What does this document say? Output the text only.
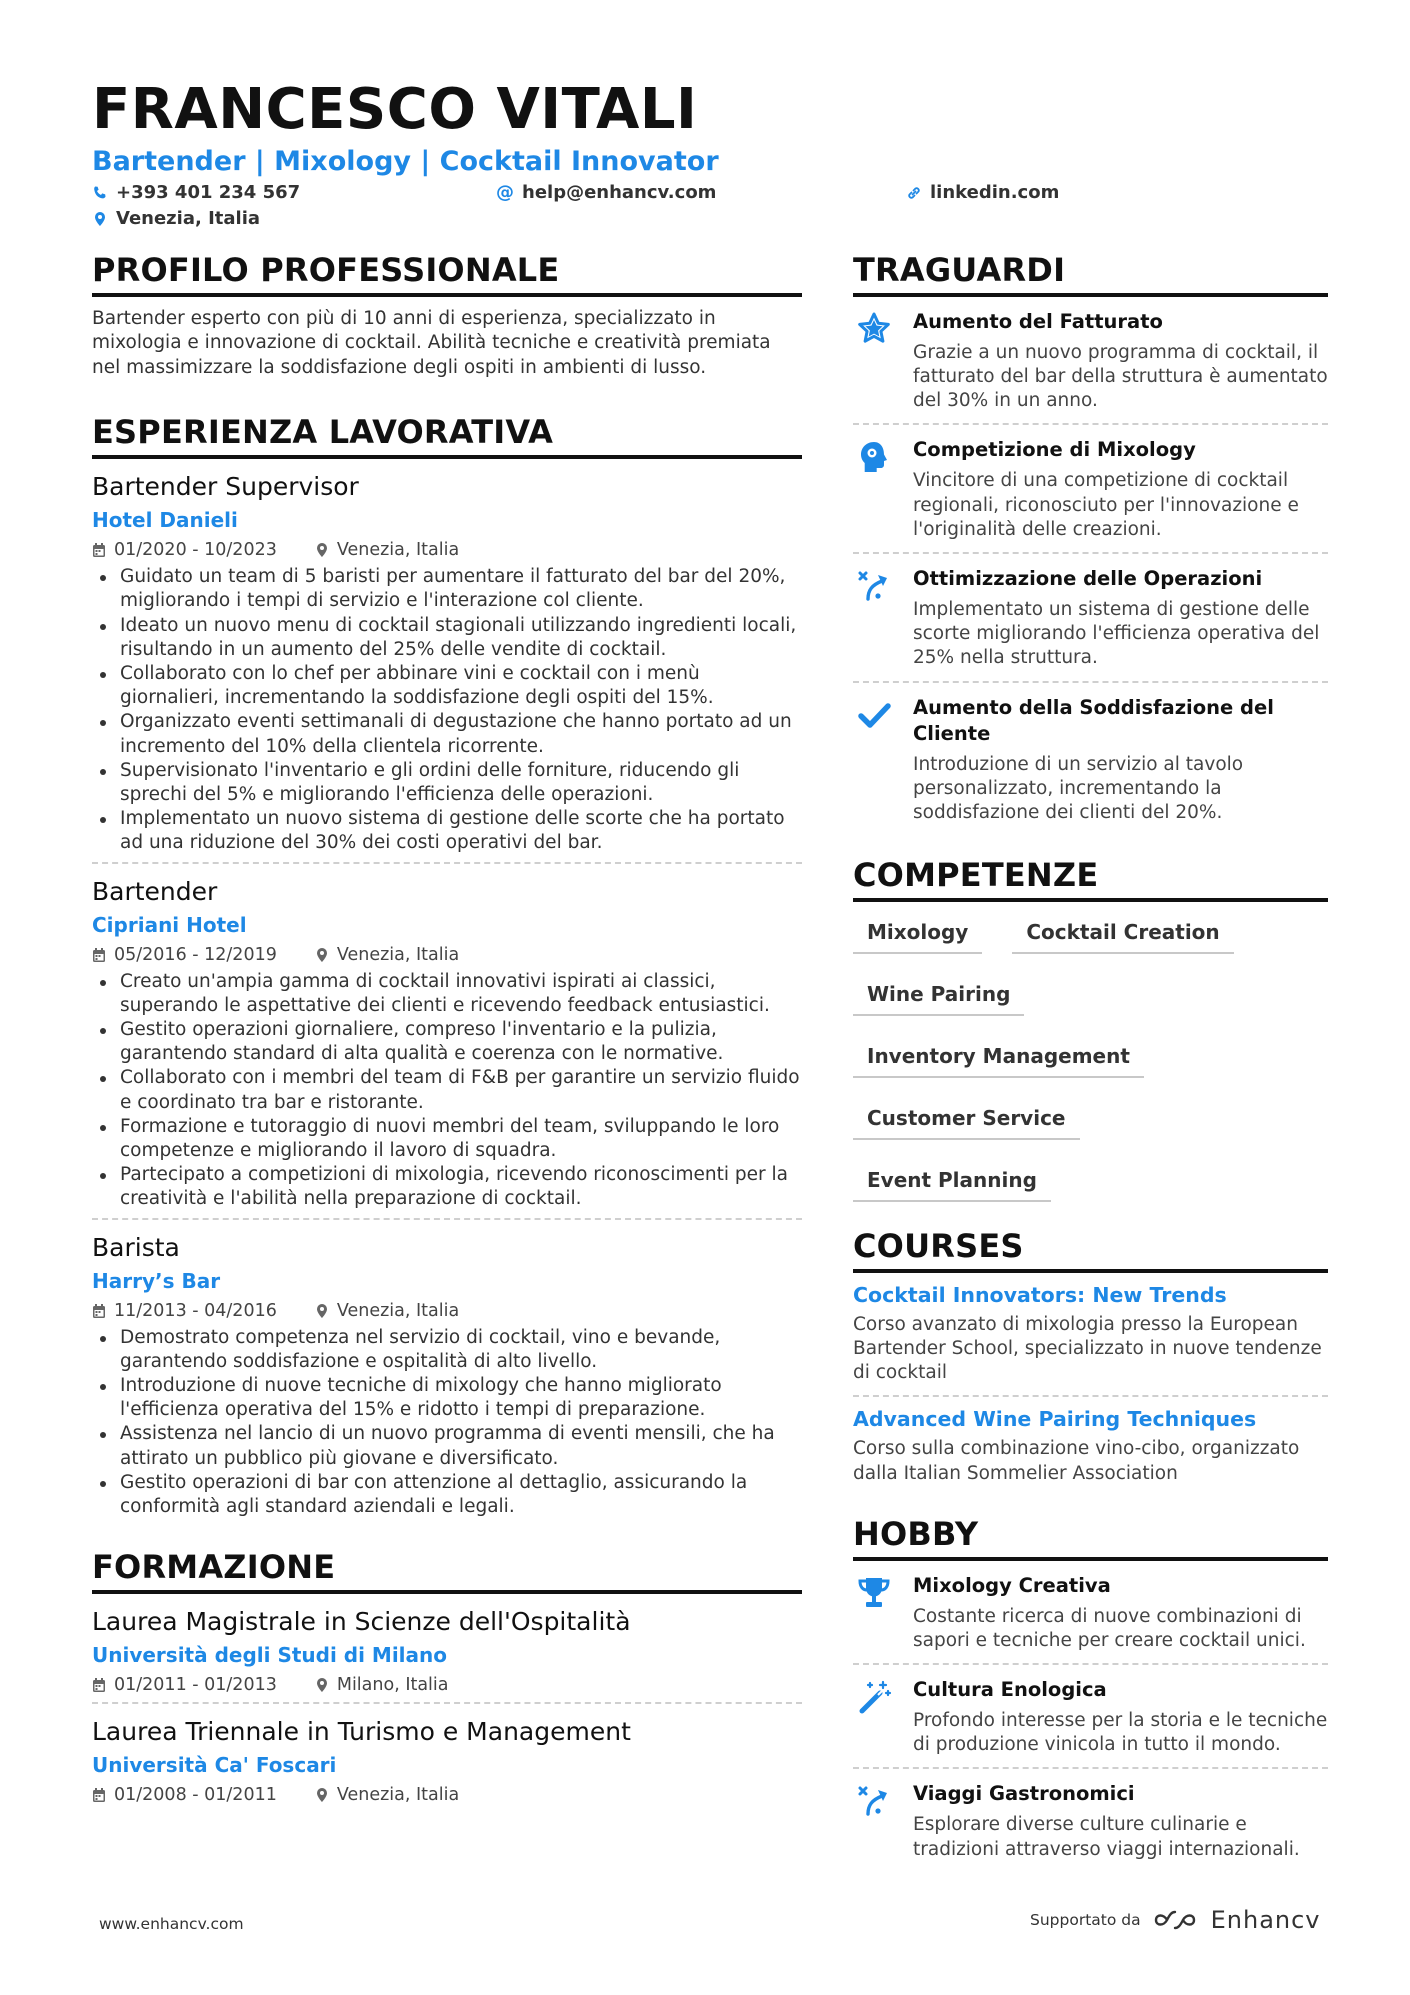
FRANCESCO VITALI
Bartender | Mixology | Cocktail Innovator
+393 401 234 567	@ help@enhancv.com	linkedin.com
Venezia, Italia
PROFILO PROFESSIONALE
Bartender esperto con più di 10 anni di esperienza, specializzato in mixologia e innovazione di cocktail. Abilità tecniche e creatività premiata nel massimizzare la soddisfazione degli ospiti in ambienti di lusso.
ESPERIENZA LAVORATIVA
Bartender Supervisor
Hotel Danieli
01/2020 - 10/2023	Venezia, Italia
Guidato un team di 5 baristi per aumentare il fatturato del bar del 20%, migliorando i tempi di servizio e l'interazione col cliente.
Ideato un nuovo menu di cocktail stagionali utilizzando ingredienti locali, risultando in un aumento del 25% delle vendite di cocktail.
Collaborato con lo chef per abbinare vini e cocktail con i menù giornalieri, incrementando la soddisfazione degli ospiti del 15%.
Organizzato eventi settimanali di degustazione che hanno portato ad un incremento del 10% della clientela ricorrente.
Supervisionato l'inventario e gli ordini delle forniture, riducendo gli sprechi del 5% e migliorando l'efficienza delle operazioni.
Implementato un nuovo sistema di gestione delle scorte che ha portato ad una riduzione del 30% dei costi operativi del bar.
Bartender
Cipriani Hotel
05/2016 - 12/2019	Venezia, Italia
Creato un'ampia gamma di cocktail innovativi ispirati ai classici, superando le aspettative dei clienti e ricevendo feedback entusiastici.
Gestito operazioni giornaliere, compreso l'inventario e la pulizia, garantendo standard di alta qualità e coerenza con le normative.
Collaborato con i membri del team di F&B per garantire un servizio fluido e coordinato tra bar e ristorante.
Formazione e tutoraggio di nuovi membri del team, sviluppando le loro competenze e migliorando il lavoro di squadra.
Partecipato a competizioni di mixologia, ricevendo riconoscimenti per la creatività e l'abilità nella preparazione di cocktail.
Barista
Harry’s Bar
11/2013 - 04/2016	Venezia, Italia
Demostrato competenza nel servizio di cocktail, vino e bevande, garantendo soddisfazione e ospitalità di alto livello.
Introduzione di nuove tecniche di mixology che hanno migliorato l'efficienza operativa del 15% e ridotto i tempi di preparazione.
Assistenza nel lancio di un nuovo programma di eventi mensili, che ha attirato un pubblico più giovane e diversificato.
Gestito operazioni di bar con attenzione al dettaglio, assicurando la conformità agli standard aziendali e legali.
FORMAZIONE
Laurea Magistrale in Scienze dell'Ospitalità
Università degli Studi di Milano
01/2011 - 01/2013	Milano, Italia
Laurea Triennale in Turismo e Management
Università Ca' Foscari
01/2008 - 01/2011	Venezia, Italia
TRAGUARDI
Aumento del Fatturato
Grazie a un nuovo programma di cocktail, il fatturato del bar della struttura è aumentato del 30% in un anno.
Competizione di Mixology
Vincitore di una competizione di cocktail regionali, riconosciuto per l'innovazione e l'originalità delle creazioni.
Ottimizzazione delle Operazioni
Implementato un sistema di gestione delle scorte migliorando l'efficienza operativa del 25% nella struttura.
Aumento della Soddisfazione del Cliente
Introduzione di un servizio al tavolo personalizzato, incrementando la soddisfazione dei clienti del 20%.
COMPETENZE
Mixology	Cocktail Creation
Wine Pairing
Inventory Management
Customer Service
Event Planning
COURSES
Cocktail Innovators: New Trends
Corso avanzato di mixologia presso la European Bartender School, specializzato in nuove tendenze di cocktail
Advanced Wine Pairing Techniques
Corso sulla combinazione vino-cibo, organizzato dalla Italian Sommelier Association
HOBBY
Mixology Creativa
Costante ricerca di nuove combinazioni di sapori e tecniche per creare cocktail unici.
Cultura Enologica
Profondo interesse per la storia e le tecniche di produzione vinicola in tutto il mondo.
Viaggi Gastronomici
Esplorare diverse culture culinarie e tradizioni attraverso viaggi internazionali.
www.enhancv.com	Supportato da	Enhancv
